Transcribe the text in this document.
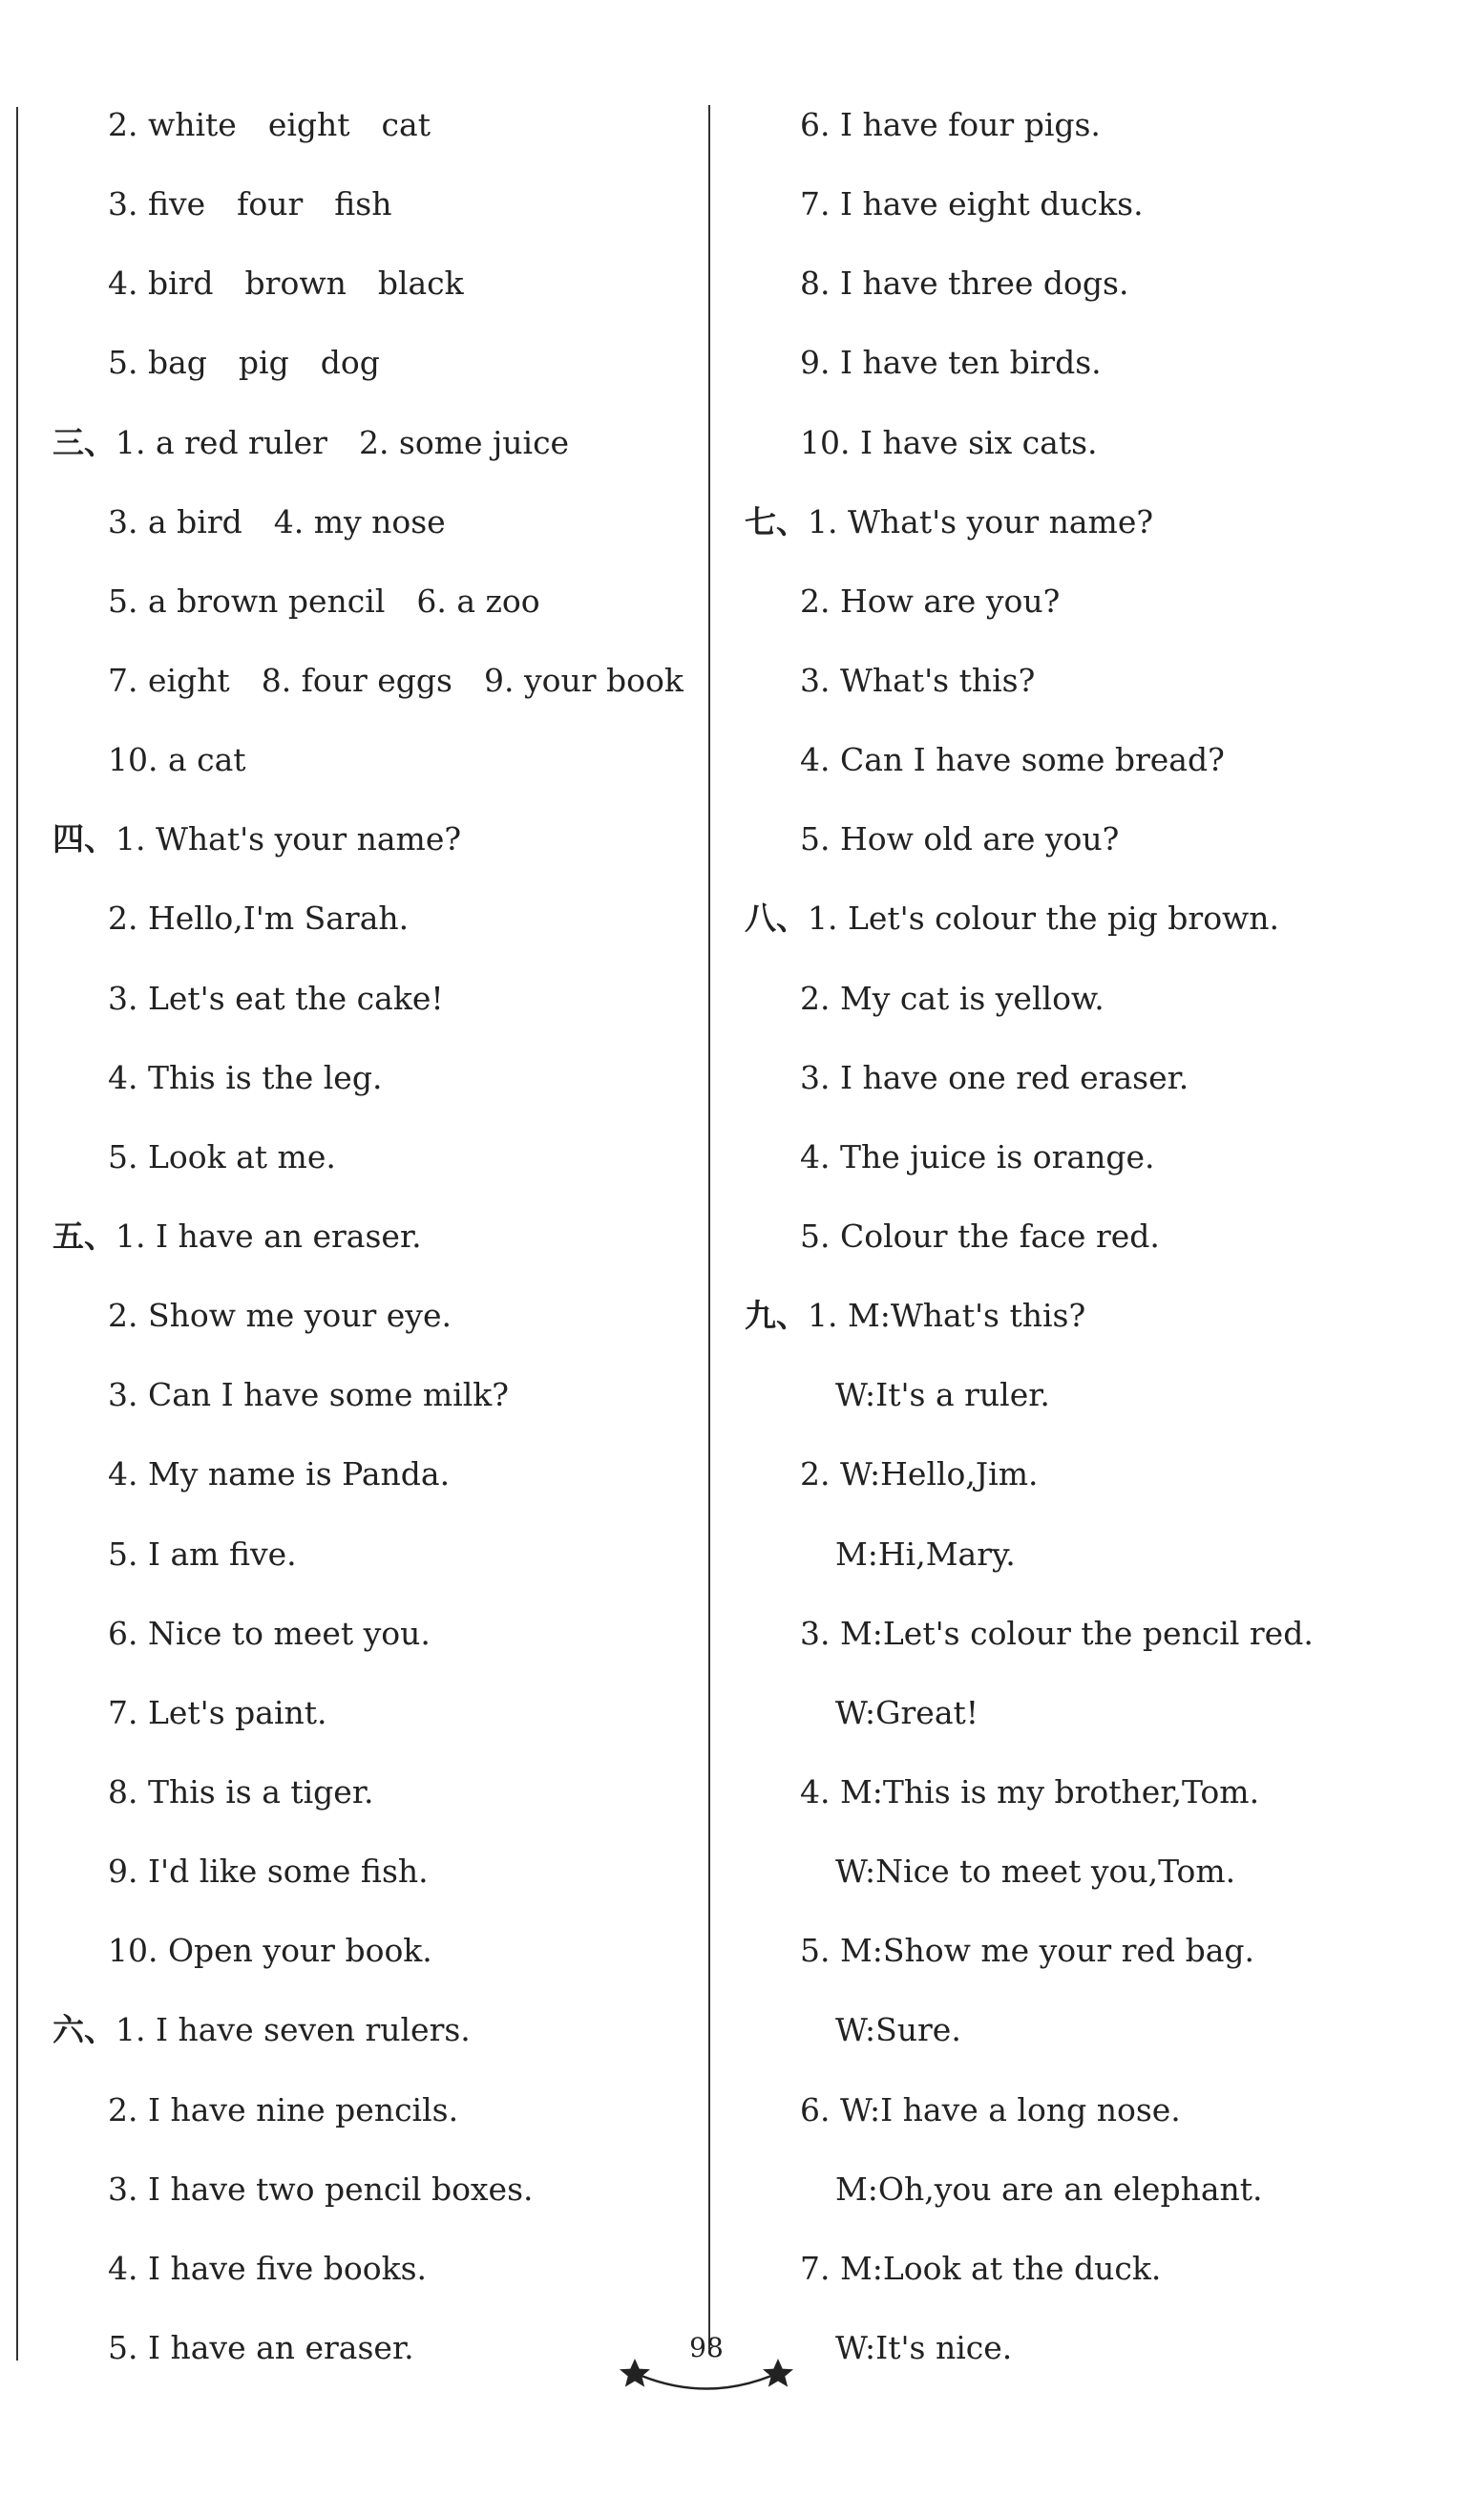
2. white　eight　cat
3. five　four　fish
4. bird　brown　black
5. bag　pig　dog
三、1. a red ruler　2. some juice
3. a bird　4. my nose
5. a brown pencil　6. a zoo
7. eight　8. four eggs　9. your book
10. a cat
四、1. What's your name?
2. Hello,I'm Sarah.
3. Let's eat the cake!
4. This is the leg.
5. Look at me.
五、1. I have an eraser.
2. Show me your eye.
3. Can I have some milk?
4. My name is Panda.
5. I am five.
6. Nice to meet you.
7. Let's paint.
8. This is a tiger.
9. I'd like some fish.
10. Open your book.
六、1. I have seven rulers.
2. I have nine pencils.
3. I have two pencil boxes.
4. I have five books.
5. I have an eraser.
6. I have four pigs.
7. I have eight ducks.
8. I have three dogs.
9. I have ten birds.
10. I have six cats.
七、1. What's your name?
2. How are you?
3. What's this?
4. Can I have some bread?
5. How old are you?
八、1. Let's colour the pig brown.
2. My cat is yellow.
3. I have one red eraser.
4. The juice is orange.
5. Colour the face red.
九、1. M:What's this?
W:It's a ruler.
2. W:Hello,Jim.
M:Hi,Mary.
3. M:Let's colour the pencil red.
W:Great!
4. M:This is my brother,Tom.
W:Nice to meet you,Tom.
5. M:Show me your red bag.
W:Sure.
6. W:I have a long nose.
M:Oh,you are an elephant.
7. M:Look at the duck.
W:It's nice.
98
